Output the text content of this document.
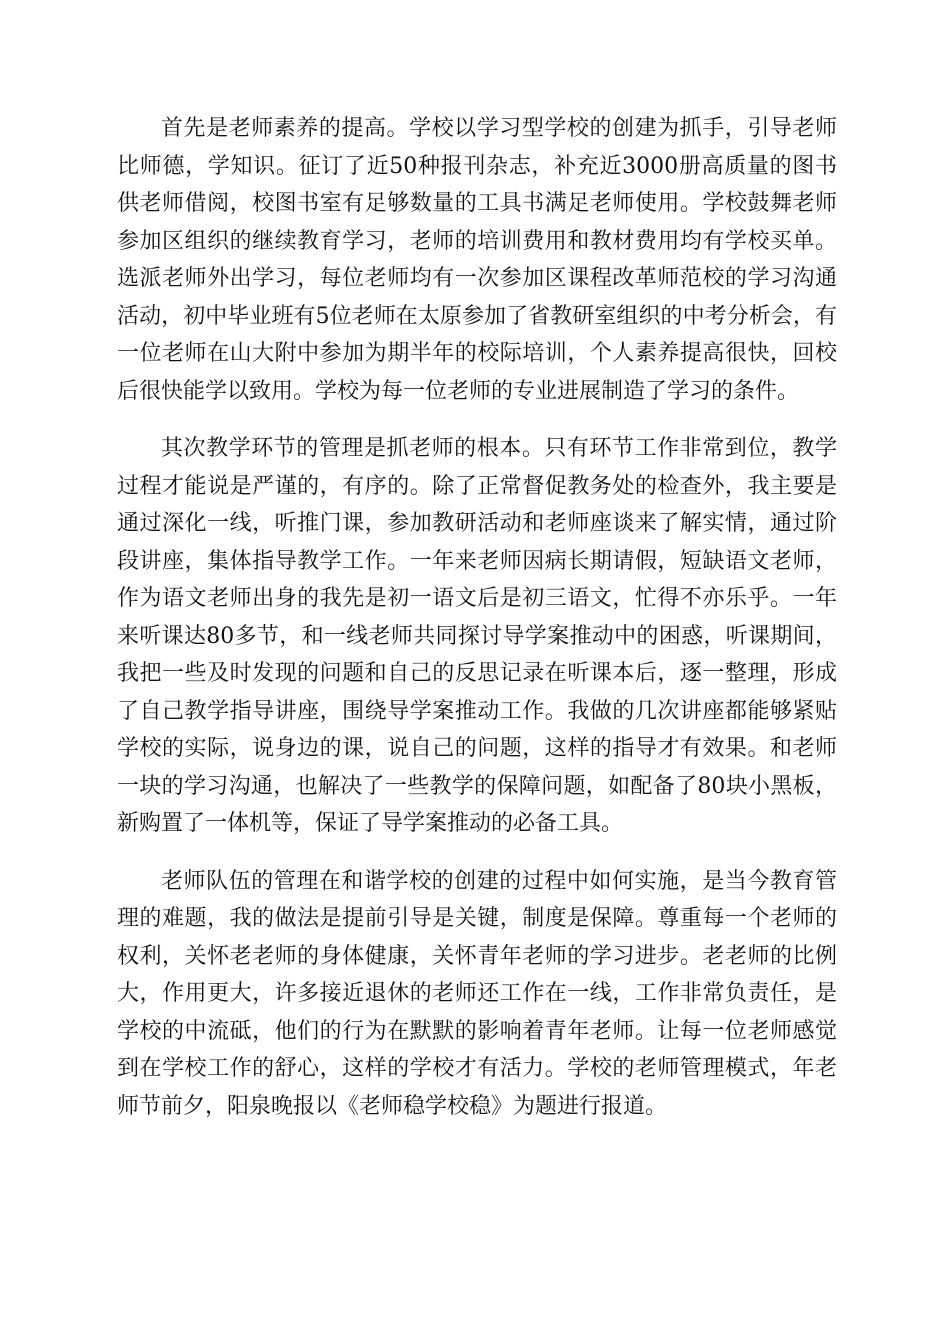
首先是老师素养的提高。学校以学习型学校的创建为抓手，引导老师比师德，学知识。征订了近50种报刊杂志，补充近3000册高质量的图书供老师借阅，校图书室有足够数量的工具书满足老师使用。学校鼓舞老师参加区组织的继续教育学习，老师的培训费用和教材费用均有学校买单。选派老师外出学习，每位老师均有一次参加区课程改革师范校的学习沟通活动，初中毕业班有5位老师在太原参加了省教研室组织的中考分析会，有一位老师在山大附中参加为期半年的校际培训，个人素养提高很快，回校后很快能学以致用。学校为每一位老师的专业进展制造了学习的条件。

其次教学环节的管理是抓老师的根本。只有环节工作非常到位，教学过程才能说是严谨的，有序的。除了正常督促教务处的检查外，我主要是通过深化一线，听推门课，参加教研活动和老师座谈来了解实情，通过阶段讲座，集体指导教学工作。一年来老师因病长期请假，短缺语文老师，作为语文老师出身的我先是初一语文后是初三语文，忙得不亦乐乎。一年来听课达80多节，和一线老师共同探讨导学案推动中的困惑，听课期间，我把一些及时发现的问题和自己的反思记录在听课本后，逐一整理，形成了自己教学指导讲座，围绕导学案推动工作。我做的几次讲座都能够紧贴学校的实际，说身边的课，说自己的问题，这样的指导才有效果。和老师一块的学习沟通，也解决了一些教学的保障问题，如配备了80块小黑板，新购置了一体机等，保证了导学案推动的必备工具。

老师队伍的管理在和谐学校的创建的过程中如何实施，是当今教育管理的难题，我的做法是提前引导是关键，制度是保障。尊重每一个老师的权利，关怀老老师的身体健康，关怀青年老师的学习进步。老老师的比例大，作用更大，许多接近退休的老师还工作在一线，工作非常负责任，是学校的中流砥，他们的行为在默默的影响着青年老师。让每一位老师感觉到在学校工作的舒心，这样的学校才有活力。学校的老师管理模式，年老师节前夕，阳泉晚报以《老师稳学校稳》为题进行报道。
